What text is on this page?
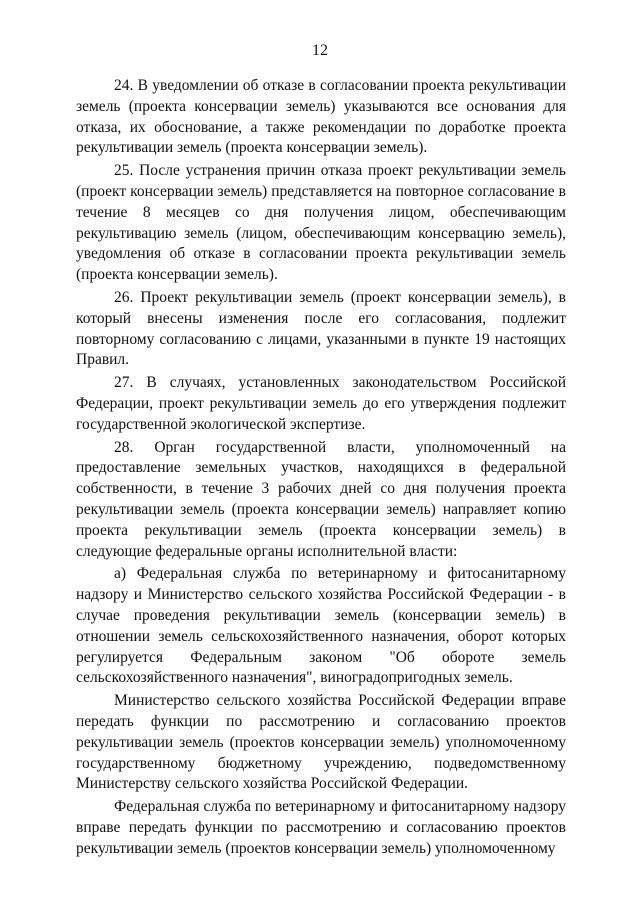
12

24. В уведомлении об отказе в согласовании проекта рекультивации земель (проекта консервации земель) указываются все основания для отказа, их обоснование, а также рекомендации по доработке проекта рекультивации земель (проекта консервации земель).

25. После устранения причин отказа проект рекультивации земель (проект консервации земель) представляется на повторное согласование в течение 8 месяцев со дня получения лицом, обеспечивающим рекультивацию земель (лицом, обеспечивающим консервацию земель), уведомления об отказе в согласовании проекта рекультивации земель (проекта консервации земель).

26. Проект рекультивации земель (проект консервации земель), в который внесены изменения после его согласования, подлежит повторному согласованию с лицами, указанными в пункте 19 настоящих Правил.

27. В случаях, установленных законодательством Российской Федерации, проект рекультивации земель до его утверждения подлежит государственной экологической экспертизе.

28. Орган государственной власти, уполномоченный на предоставление земельных участков, находящихся в федеральной собственности, в течение 3 рабочих дней со дня получения проекта рекультивации земель (проекта консервации земель) направляет копию проекта рекультивации земель (проекта консервации земель) в следующие федеральные органы исполнительной власти:

а) Федеральная служба по ветеринарному и фитосанитарному надзору и Министерство сельского хозяйства Российской Федерации - в случае проведения рекультивации земель (консервации земель) в отношении земель сельскохозяйственного назначения, оборот которых регулируется Федеральным законом "Об обороте земель сельскохозяйственного назначения", виноградопригодных земель.

Министерство сельского хозяйства Российской Федерации вправе передать функции по рассмотрению и согласованию проектов рекультивации земель (проектов консервации земель) уполномоченному государственному бюджетному учреждению, подведомственному Министерству сельского хозяйства Российской Федерации.

Федеральная служба по ветеринарному и фитосанитарному надзору вправе передать функции по рассмотрению и согласованию проектов рекультивации земель (проектов консервации земель) уполномоченному
